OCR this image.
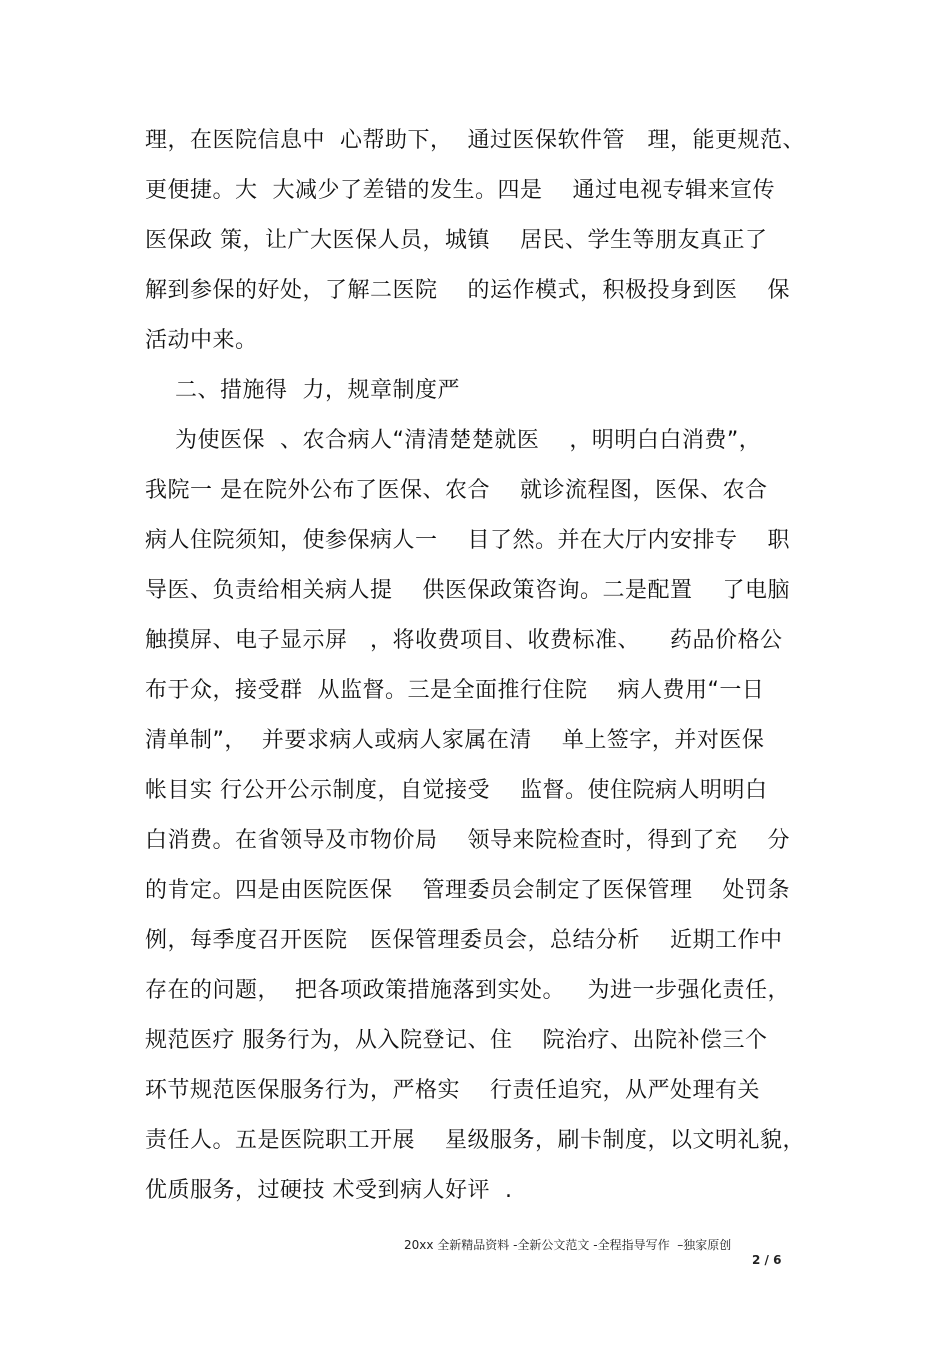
理，在医院信息中  心帮助下，  通过医保软件管   理，能更规范、
更便捷。大  大减少了差错的发生。四是    通过电视专辑来宣传
医保政 策，让广大医保人员，城镇    居民、学生等朋友真正了
解到参保的好处，了解二医院    的运作模式，积极投身到医    保
活动中来。
二、措施得  力，规章制度严
为使医保  、农合病人“清清楚楚就医    ，明明白白消费”，
我院一 是在院外公布了医保、农合    就诊流程图，医保、农合
病人住院须知，使参保病人一    目了然。并在大厅内安排专    职
导医、负责给相关病人提    供医保政策咨询。二是配置    了电脑
触摸屏、电子显示屏   ，将收费项目、收费标准、    药品价格公
布于众，接受群  从监督。三是全面推行住院    病人费用“一日
清单制”，  并要求病人或病人家属在清    单上签字，并对医保
帐目实 行公开公示制度，自觉接受    监督。使住院病人明明白
白消费。在省领导及市物价局    领导来院检查时，得到了充    分
的肯定。四是由医院医保    管理委员会制定了医保管理    处罚条
例，每季度召开医院   医保管理委员会，总结分析    近期工作中
存在的问题，  把各项政策措施落到实处。   为进一步强化责任，
规范医疗 服务行为，从入院登记、住    院治疗、出院补偿三个
环节规范医保服务行为，严格实    行责任追究，从严处理有关
责任人。五是医院职工开展    星级服务，刷卡制度，以文明礼貌，
优质服务，过硬技 术受到病人好评  .
20xx 全新精品资料 -全新公文范文 -全程指导写作  –独家原创
2 / 6
